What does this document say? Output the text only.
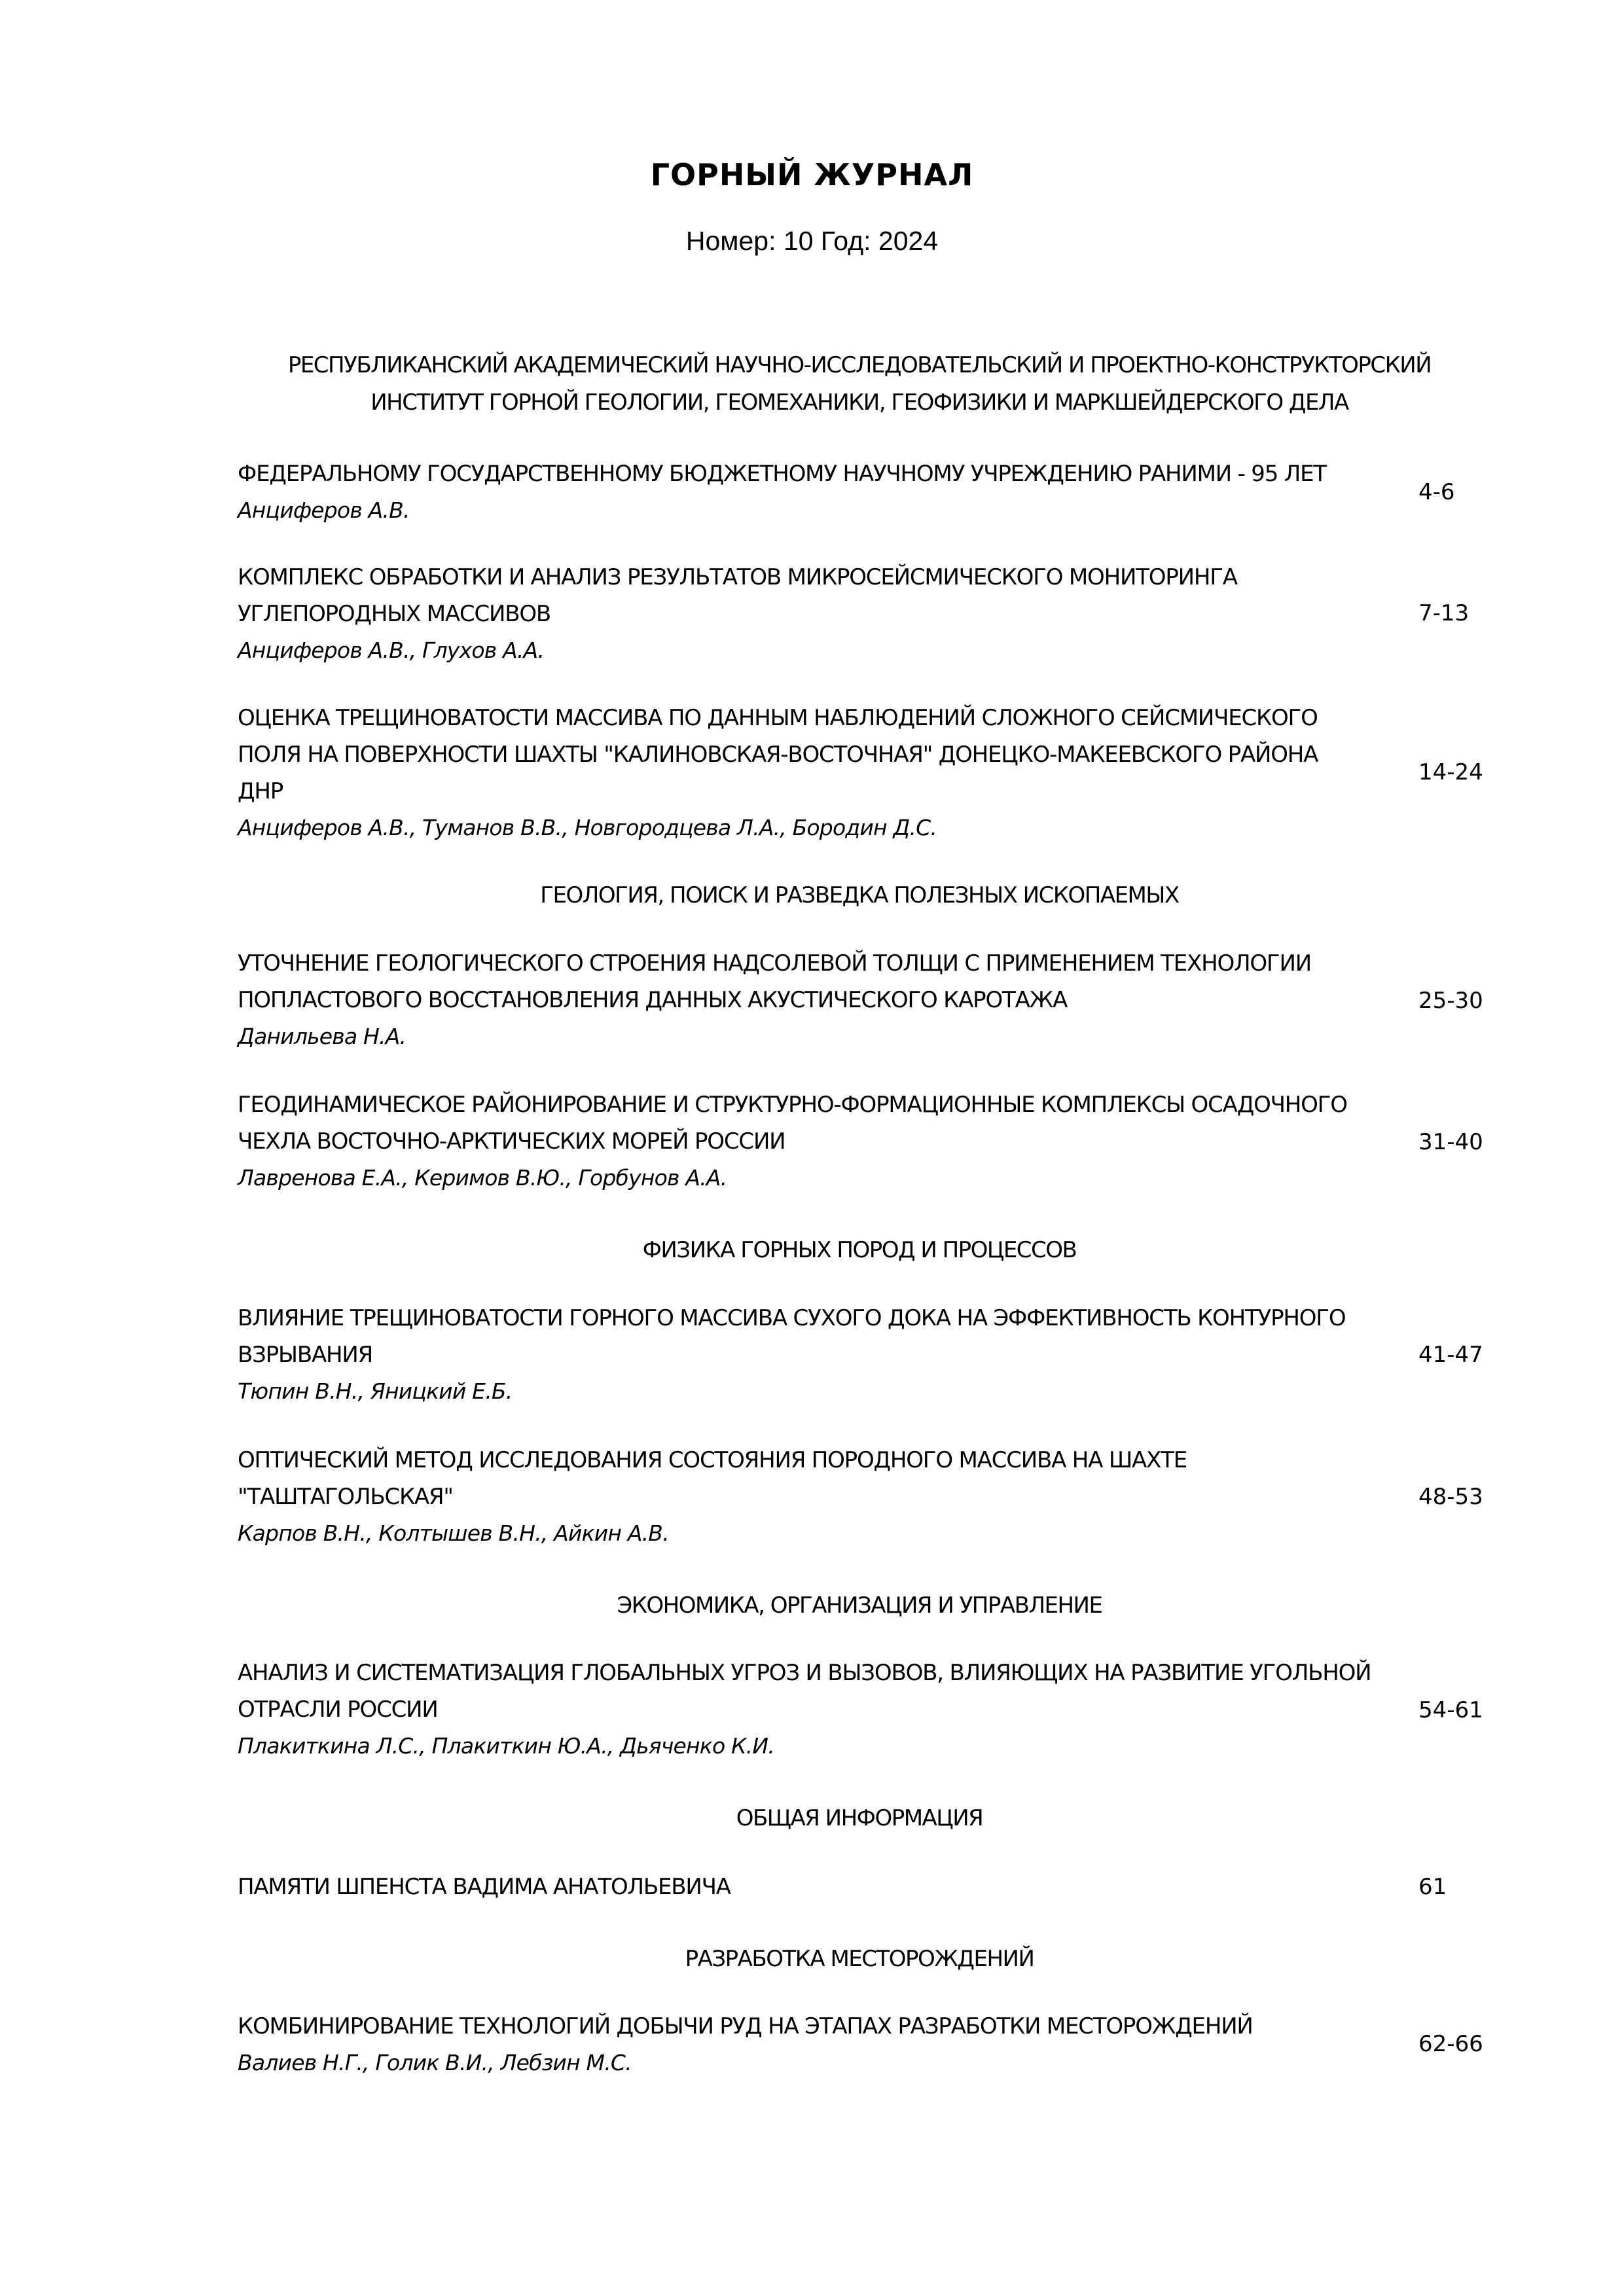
ГОРНЫЙ ЖУРНАЛ
Номер: 10 Год: 2024
РЕСПУБЛИКАНСКИЙ АКАДЕМИЧЕСКИЙ НАУЧНО-ИССЛЕДОВАТЕЛЬСКИЙ И ПРОЕКТНО-КОНСТРУКТОРСКИЙ
ИНСТИТУТ ГОРНОЙ ГЕОЛОГИИ, ГЕОМЕХАНИКИ, ГЕОФИЗИКИ И МАРКШЕЙДЕРСКОГО ДЕЛА
ФЕДЕРАЛЬНОМУ ГОСУДАРСТВЕННОМУ БЮДЖЕТНОМУ НАУЧНОМУ УЧРЕЖДЕНИЮ РАНИМИ - 95 ЛЕТ
Анциферов А.В.
4-6
КОМПЛЕКС ОБРАБОТКИ И АНАЛИЗ РЕЗУЛЬТАТОВ МИКРОСЕЙСМИЧЕСКОГО МОНИТОРИНГА
УГЛЕПОРОДНЫХ МАССИВОВ
Анциферов А.В., Глухов А.А.
7-13
ОЦЕНКА ТРЕЩИНОВАТОСТИ МАССИВА ПО ДАННЫМ НАБЛЮДЕНИЙ СЛОЖНОГО СЕЙСМИЧЕСКОГО
ПОЛЯ НА ПОВЕРХНОСТИ ШАХТЫ "КАЛИНОВСКАЯ-ВОСТОЧНАЯ" ДОНЕЦКО-МАКЕЕВСКОГО РАЙОНА
ДНР
Анциферов А.В., Туманов В.В., Новгородцева Л.А., Бородин Д.С.
14-24
ГЕОЛОГИЯ, ПОИСК И РАЗВЕДКА ПОЛЕЗНЫХ ИСКОПАЕМЫХ
УТОЧНЕНИЕ ГЕОЛОГИЧЕСКОГО СТРОЕНИЯ НАДСОЛЕВОЙ ТОЛЩИ С ПРИМЕНЕНИЕМ ТЕХНОЛОГИИ
ПОПЛАСТОВОГО ВОССТАНОВЛЕНИЯ ДАННЫХ АКУСТИЧЕСКОГО КАРОТАЖА
Данильева Н.А.
25-30
ГЕОДИНАМИЧЕСКОЕ РАЙОНИРОВАНИЕ И СТРУКТУРНО-ФОРМАЦИОННЫЕ КОМПЛЕКСЫ ОСАДОЧНОГО
ЧЕХЛА ВОСТОЧНО-АРКТИЧЕСКИХ МОРЕЙ РОССИИ
Лавренова Е.А., Керимов В.Ю., Горбунов А.А.
31-40
ФИЗИКА ГОРНЫХ ПОРОД И ПРОЦЕССОВ
ВЛИЯНИЕ ТРЕЩИНОВАТОСТИ ГОРНОГО МАССИВА СУХОГО ДОКА НА ЭФФЕКТИВНОСТЬ КОНТУРНОГО
ВЗРЫВАНИЯ
Тюпин В.Н., Яницкий Е.Б.
41-47
ОПТИЧЕСКИЙ МЕТОД ИССЛЕДОВАНИЯ СОСТОЯНИЯ ПОРОДНОГО МАССИВА НА ШАХТЕ
"ТАШТАГОЛЬСКАЯ"
Карпов В.Н., Колтышев В.Н., Айкин А.В.
48-53
ЭКОНОМИКА, ОРГАНИЗАЦИЯ И УПРАВЛЕНИЕ
АНАЛИЗ И СИСТЕМАТИЗАЦИЯ ГЛОБАЛЬНЫХ УГРОЗ И ВЫЗОВОВ, ВЛИЯЮЩИХ НА РАЗВИТИЕ УГОЛЬНОЙ
ОТРАСЛИ РОССИИ
Плакиткина Л.С., Плакиткин Ю.А., Дьяченко К.И.
54-61
ОБЩАЯ ИНФОРМАЦИЯ
ПАМЯТИ ШПЕНСТА ВАДИМА АНАТОЛЬЕВИЧА	61
РАЗРАБОТКА МЕСТОРОЖДЕНИЙ
КОМБИНИРОВАНИЕ ТЕХНОЛОГИЙ ДОБЫЧИ РУД НА ЭТАПАХ РАЗРАБОТКИ МЕСТОРОЖДЕНИЙ
Валиев Н.Г., Голик В.И., Лебзин М.С.
62-66
